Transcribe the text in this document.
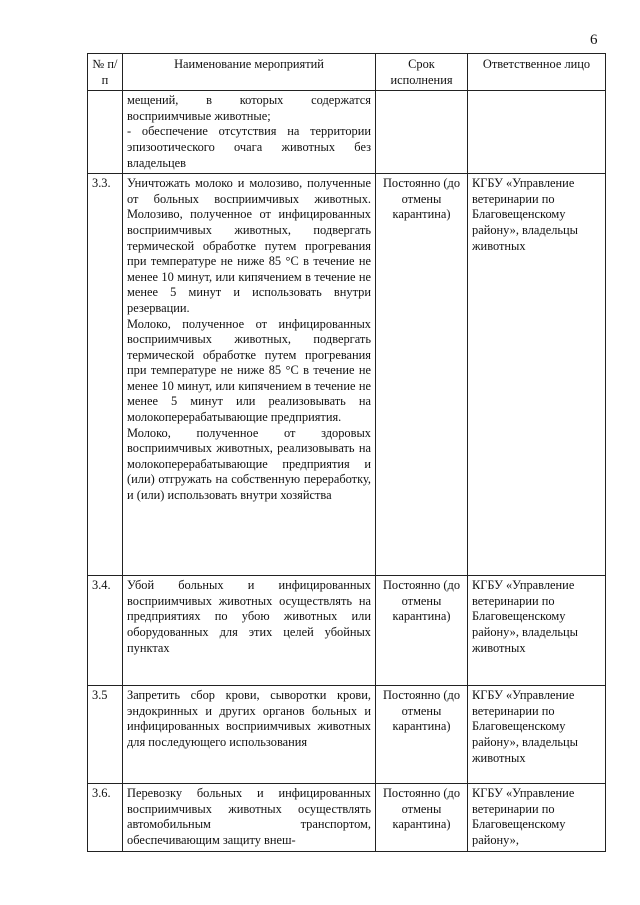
6
№ п/п	Наименование мероприятий	Срок исполнения	Ответственное лицо

	мещений, в которых содержатся восприимчивые животные;

- обеспечение отсутствия на территории эпизоотического очага животных без владельцев		

3.3.	Уничтожать молоко и молозиво, полученные от больных восприимчивых животных. Молозиво, полученное от инфицированных восприимчивых животных, подвергать термической обработке путем прогревания при температуре не ниже 85 °С в течение не менее 10 минут, или кипячением в течение не менее 5 минут и использовать внутри резервации.

Молоко, полученное от инфицированных восприимчивых животных, подвергать термической обработке путем прогревания при температуре не ниже 85 °С в течение не менее 10 минут, или кипячением в течение не менее 5 минут или реализовывать на молокоперерабатывающие предприятия.

Молоко, полученное от здоровых восприимчивых животных, реализовывать на молокоперерабатывающие предприятия и (или) отгружать на собственную переработку, и (или) использовать внутри хозяйства	Постоянно (до отмены карантина)	КГБУ «Управление ветеринарии по Благовещенскому району», владельцы животных
3.4.	Убой больных и инфицированных восприимчивых животных осуществлять на предприятиях по убою животных или оборудованных для этих целей убойных пунктах	Постоянно (до отмены карантина)	КГБУ «Управление ветеринарии по Благовещенскому району», владельцы животных
3.5	Запретить сбор крови, сыворотки крови, эндокринных и других органов больных и инфицированных восприимчивых животных для последующего использования	Постоянно (до отмены карантина)	КГБУ «Управление ветеринарии по Благовещенскому району», владельцы животных
3.6.	Перевозку больных и инфицированных восприимчивых животных осуществлять автомобильным транспортом, обеспечивающим защиту внеш-	Постоянно (до отмены карантина)	КГБУ «Управление ветеринарии по Благовещенскому району»,
